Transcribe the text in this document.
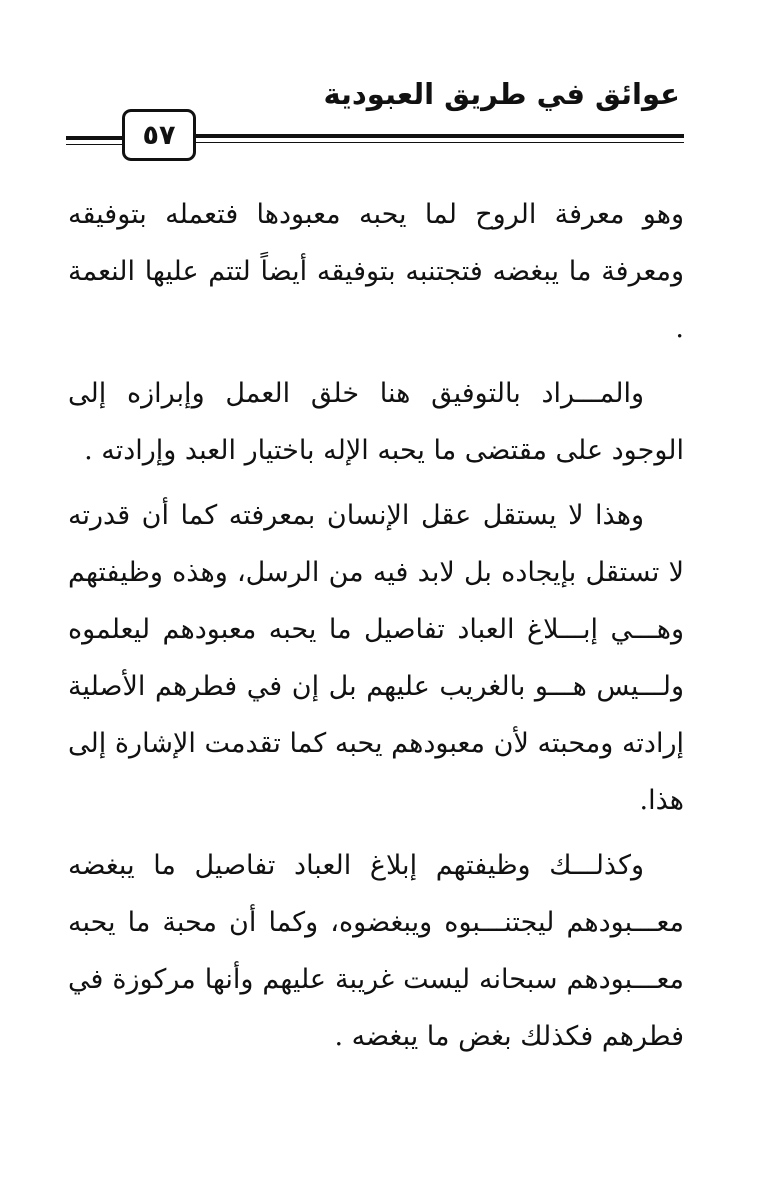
عوائق في طريق العبودية
٥٧

وهو معرفة الروح لما يحبه معبودها فتعمله بتوفيقه ومعرفة ما يبغضه فتجتنبه بتوفيقه أيضاً لتتم عليها النعمة .

والمـــراد بالتوفيق هنا خلق العمل وإبرازه إلى الوجود على مقتضى ما يحبه الإله باختيار العبد وإرادته .

وهذا لا يستقل عقل الإنسان بمعرفته كما أن قدرته لا تستقل بإيجاده بل لابد فيه من الرسل، وهذه وظيفتهم وهـــي إبـــلاغ العباد تفاصيل ما يحبه معبودهم ليعلموه ولـــيس هـــو بالغريب عليهم بل إن في فطرهم الأصلية إرادته ومحبته لأن معبودهم يحبه كما تقدمت الإشارة إلى هذا.

وكذلـــك وظيفتهم إبلاغ العباد تفاصيل ما يبغضه معـــبودهم ليجتنـــبوه ويبغضوه، وكما أن محبة ما يحبه معـــبودهم سبحانه ليست غريبة عليهم وأنها مركوزة في فطرهم فكذلك بغض ما يبغضه .
